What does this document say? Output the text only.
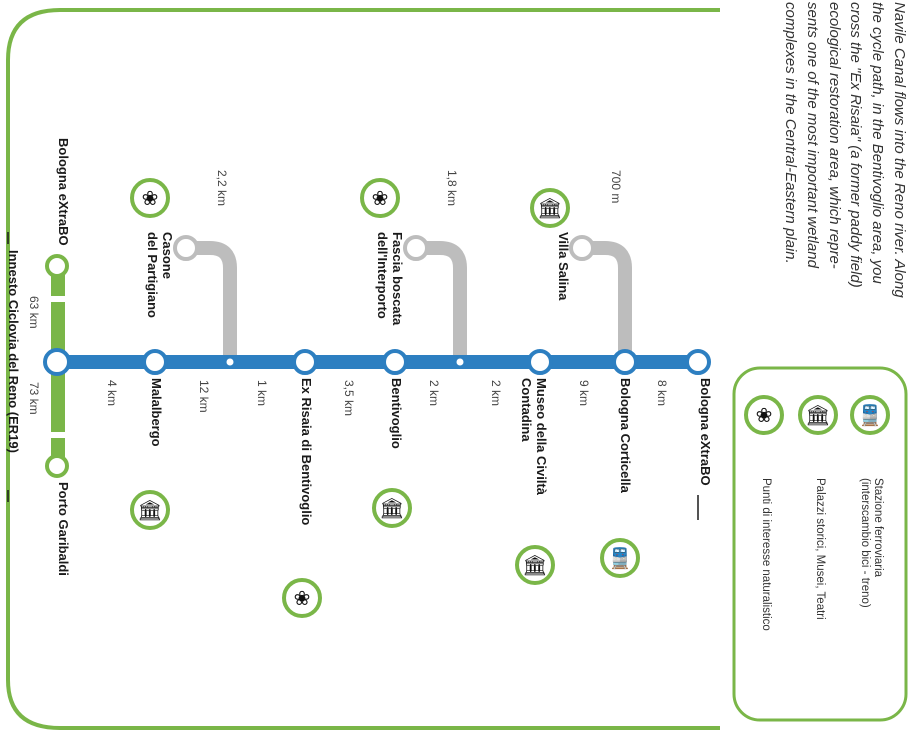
Navile Canal flows into the Reno river. Along
the cycle path, in the Bentivoglio area, you
cross the "Ex Risaia" (a former paddy field)
ecological restoration area, which repre-
sents one of the most important wetland
complexes in the Central-Eastern plain.
Bologna eXtraBO
Bologna Corticella
Museo della Civiltà
Contadina
Bentivoglio
Ex Risaia di Bentivoglio
Malalbergo	8 km
9 km
2 km
2 km
3,5 km
1 km
12 km
4 km
700 m
Villa Salina
1,8 km
Fascia boscata
dell'Interporto
2,2 km
Casone
del Partigiano
Bologna eXtraBO
63 km
73 km
Porto Garibaldi
Innesto Ciclovia del Reno (ER19)
🏛
❀
❀
🚆
🏛
🏛
❀
🏛
🚆
🏛
❀
Stazione ferroviaria
(interscambio bici - treno)
Palazzi storici, Musei, Teatri
Punti di interesse naturalistico
